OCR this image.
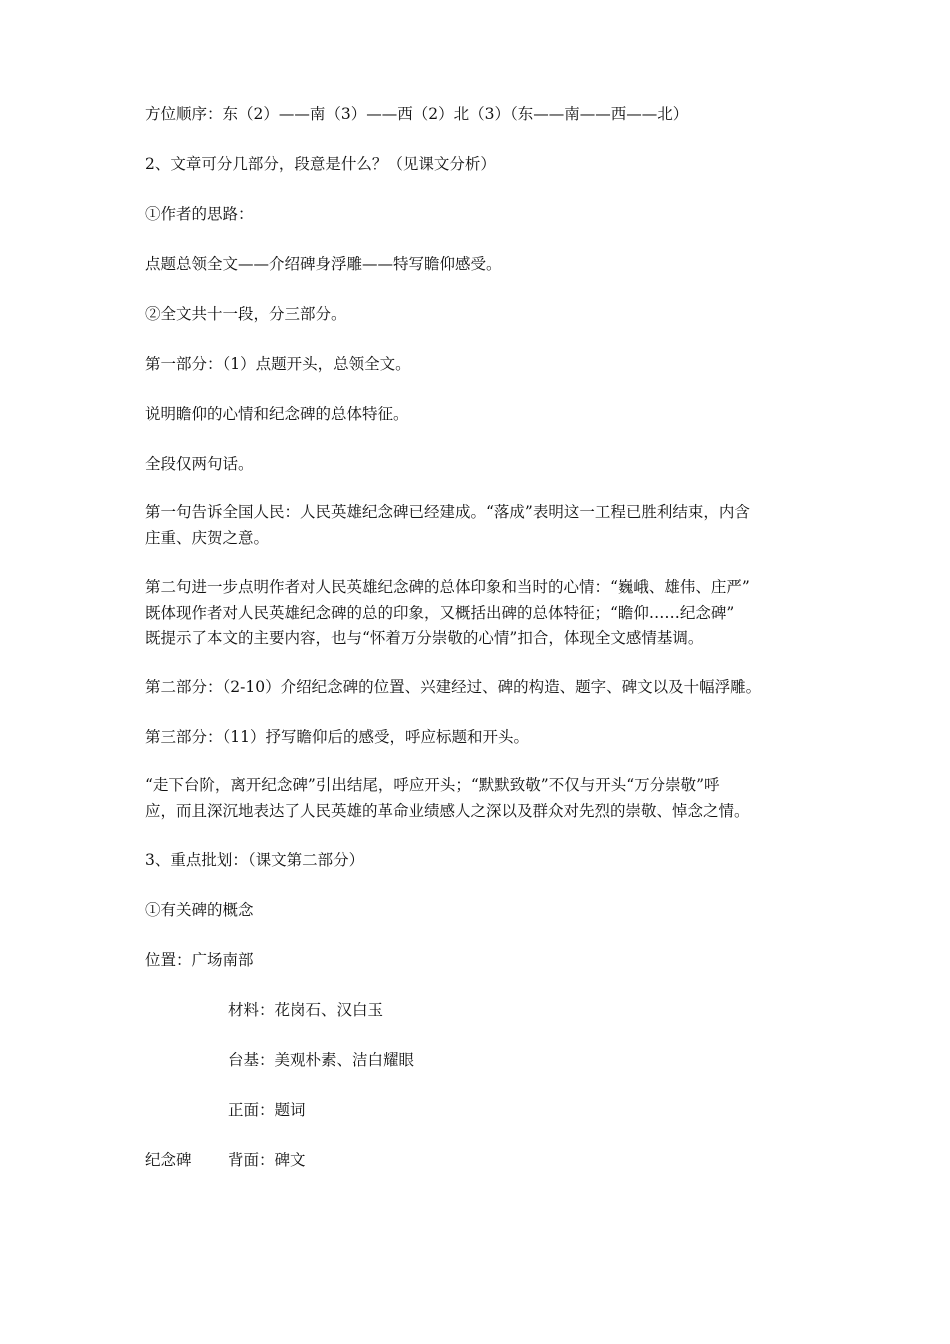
方位顺序：东（2）——南（3）——西（2）北（3）（东——南——西——北）
2、文章可分几部分，段意是什么？（见课文分析）
①作者的思路：
点题总领全文——介绍碑身浮雕——特写瞻仰感受。
②全文共十一段，分三部分。
第一部分：（1）点题开头，总领全文。
说明瞻仰的心情和纪念碑的总体特征。
全段仅两句话。
第一句告诉全国人民：人民英雄纪念碑已经建成。“落成”表明这一工程已胜利结束，内含
庄重、庆贺之意。
第二句进一步点明作者对人民英雄纪念碑的总体印象和当时的心情：“巍峨、雄伟、庄严”
既体现作者对人民英雄纪念碑的总的印象，又概括出碑的总体特征；“瞻仰……纪念碑”
既提示了本文的主要内容，也与“怀着万分崇敬的心情”扣合，体现全文感情基调。
第二部分：（2-10）介绍纪念碑的位置、兴建经过、碑的构造、题字、碑文以及十幅浮雕。
第三部分：（11）抒写瞻仰后的感受，呼应标题和开头。
“走下台阶，离开纪念碑”引出结尾，呼应开头；“默默致敬”不仅与开头“万分崇敬”呼
应，而且深沉地表达了人民英雄的革命业绩感人之深以及群众对先烈的崇敬、悼念之情。
3、重点批划：（课文第二部分）
①有关碑的概念
位置：广场南部
材料：花岗石、汉白玉
台基：美观朴素、洁白耀眼
正面：题词
纪念碑 背面：碑文
